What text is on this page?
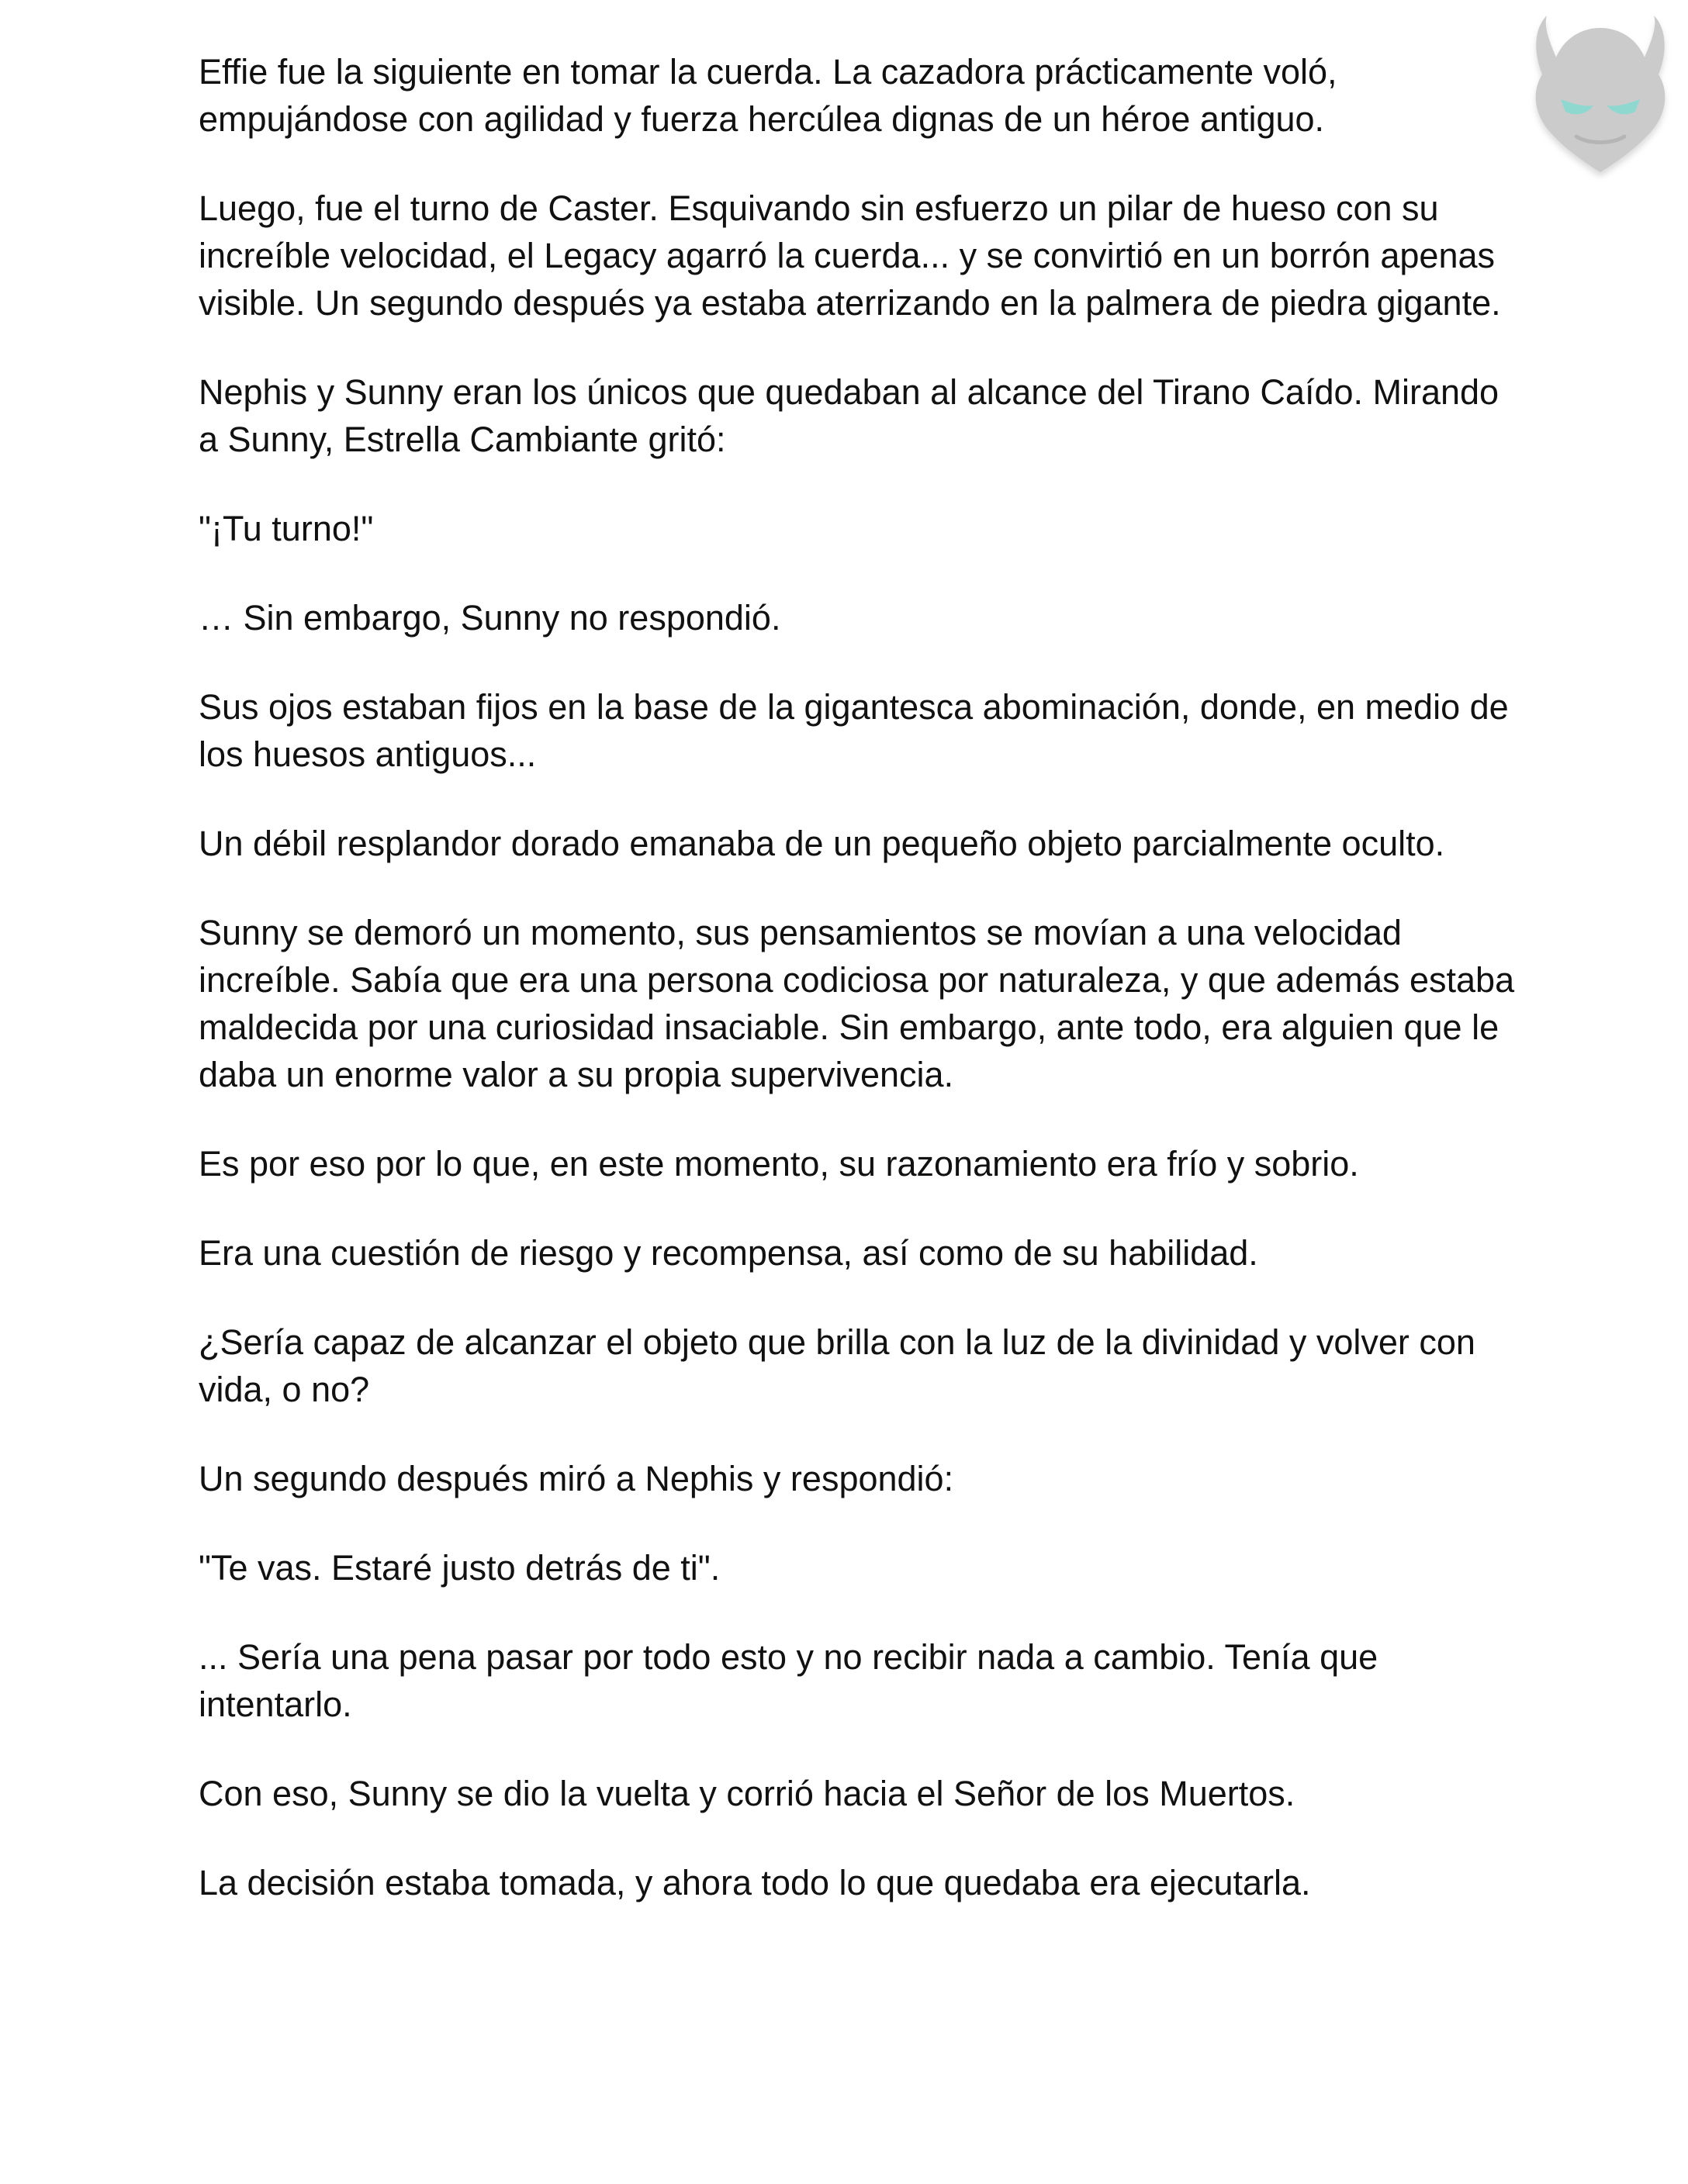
Effie fue la siguiente en tomar la cuerda. La cazadora prácticamente voló, empujándose con agilidad y fuerza hercúlea dignas de un héroe antiguo.

Luego, fue el turno de Caster. Esquivando sin esfuerzo un pilar de hueso con su increíble velocidad, el Legacy agarró la cuerda... y se convirtió en un borrón apenas visible. Un segundo después ya estaba aterrizando en la palmera de piedra gigante.

Nephis y Sunny eran los únicos que quedaban al alcance del Tirano Caído. Mirando a Sunny, Estrella Cambiante gritó:

"¡Tu turno!"

… Sin embargo, Sunny no respondió.

Sus ojos estaban fijos en la base de la gigantesca abominación, donde, en medio de los huesos antiguos...

Un débil resplandor dorado emanaba de un pequeño objeto parcialmente oculto.

Sunny se demoró un momento, sus pensamientos se movían a una velocidad increíble. Sabía que era una persona codiciosa por naturaleza, y que además estaba maldecida por una curiosidad insaciable. Sin embargo, ante todo, era alguien que le daba un enorme valor a su propia supervivencia.

Es por eso por lo que, en este momento, su razonamiento era frío y sobrio.

Era una cuestión de riesgo y recompensa, así como de su habilidad.

¿Sería capaz de alcanzar el objeto que brilla con la luz de la divinidad y volver con vida, o no?

Un segundo después miró a Nephis y respondió:

"Te vas. Estaré justo detrás de ti".

... Sería una pena pasar por todo esto y no recibir nada a cambio. Tenía que intentarlo.

Con eso, Sunny se dio la vuelta y corrió hacia el Señor de los Muertos.

La decisión estaba tomada, y ahora todo lo que quedaba era ejecutarla.
